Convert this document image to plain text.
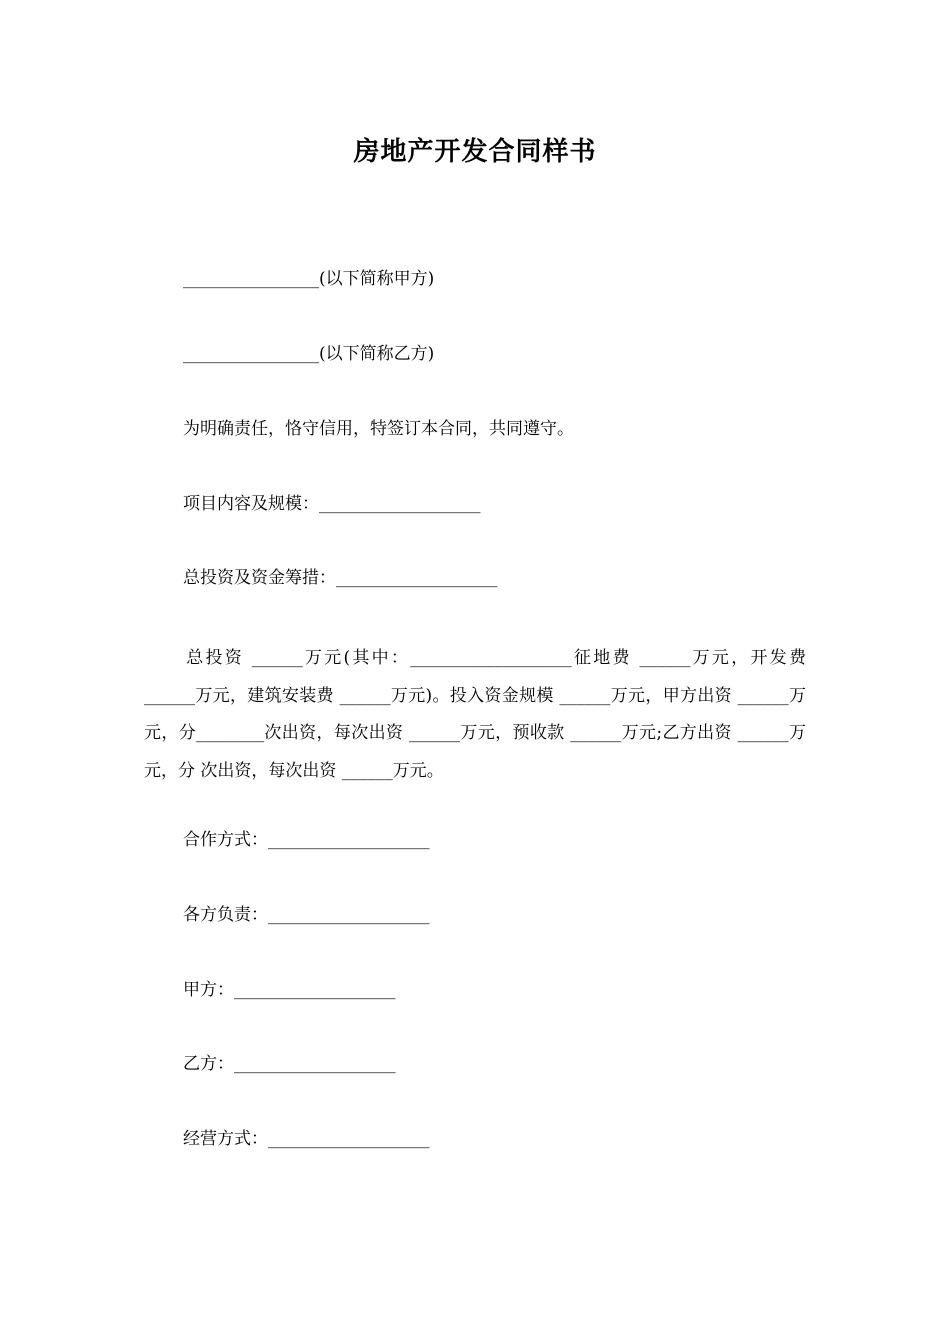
房地产开发合同样书
________________(以下简称甲方)
________________(以下简称乙方)
为明确责任，恪守信用，特签订本合同，共同遵守。
项目内容及规模：___________________
总投资及资金筹措：___________________
总投资 ______万元(其中：___________________征地费 ______万元，开发费 ______万元，建筑安装费 ______万元)。投入资金规模 ______万元，甲方出资 ______万元，分________次出资，每次出资 ______万元，预收款 ______万元;乙方出资 ______万元，分 次出资，每次出资 ______万元。
合作方式：___________________
各方负责：___________________
甲方：___________________
乙方：___________________
经营方式：___________________
